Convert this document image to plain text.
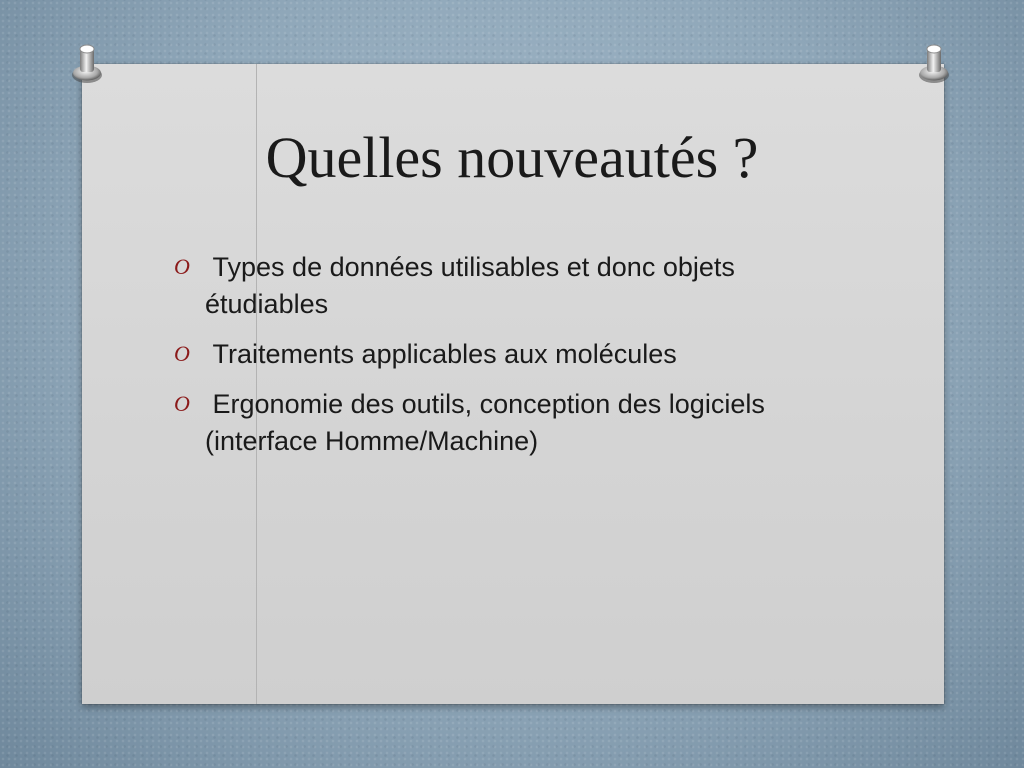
Quelles nouveautés ?
O Types de données utilisables et donc objets étudiables
O Traitements applicables aux molécules
O Ergonomie des outils, conception des logiciels (interface Homme/Machine)
